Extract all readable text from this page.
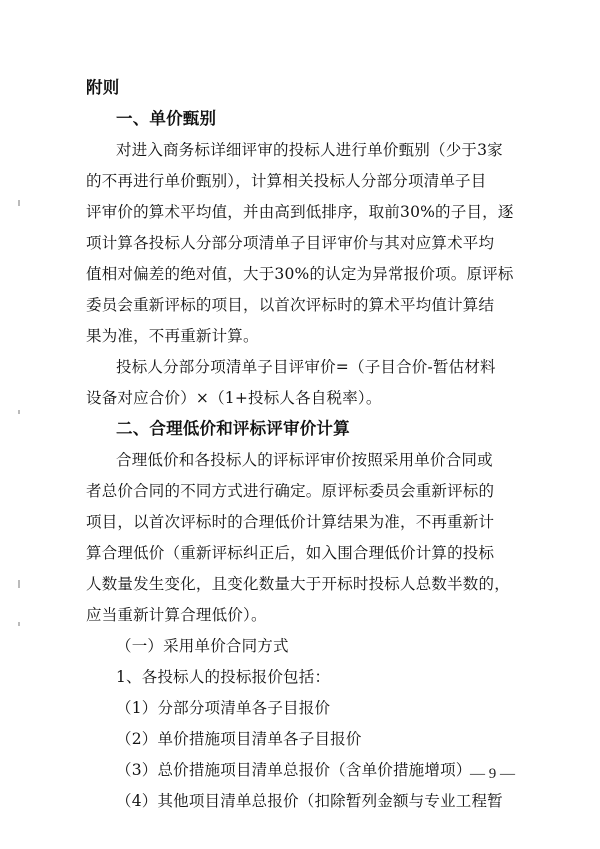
附则
一、单价甄别
对进入商务标详细评审的投标人进行单价甄别（少于3家
的不再进行单价甄别），计算相关投标人分部分项清单子目
评审价的算术平均值，并由高到低排序，取前30%的子目，逐
项计算各投标人分部分项清单子目评审价与其对应算术平均
值相对偏差的绝对值，大于30%的认定为异常报价项。原评标
委员会重新评标的项目，以首次评标时的算术平均值计算结
果为准，不再重新计算。
投标人分部分项清单子目评审价=（子目合价-暂估材料
设备对应合价）×（1+投标人各自税率）。
二、合理低价和评标评审价计算
合理低价和各投标人的评标评审价按照采用单价合同或
者总价合同的不同方式进行确定。原评标委员会重新评标的
项目，以首次评标时的合理低价计算结果为准，不再重新计
算合理低价（重新评标纠正后，如入围合理低价计算的投标
人数量发生变化，且变化数量大于开标时投标人总数半数的，
应当重新计算合理低价）。
（一）采用单价合同方式
1、各投标人的投标报价包括：
（1）分部分项清单各子目报价
（2）单价措施项目清单各子目报价
（3）总价措施项目清单总报价（含单价措施增项）
（4）其他项目清单总报价（扣除暂列金额与专业工程暂
— 9 —
